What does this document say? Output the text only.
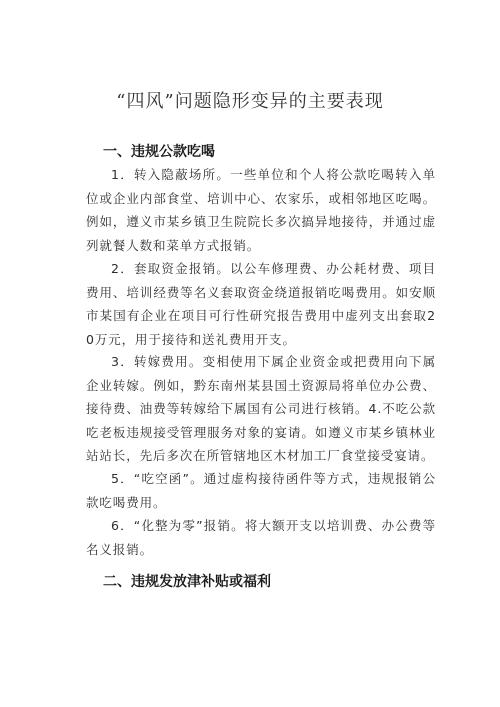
“四风”问题隐形变异的主要表现
一、违规公款吃喝

1．转入隐蔽场所。一些单位和个人将公款吃喝转入单位或企业内部食堂、培训中心、农家乐，或相邻地区吃喝。例如，遵义市某乡镇卫生院院长多次搞异地接待，并通过虚列就餐人数和菜单方式报销。

2．套取资金报销。以公车修理费、办公耗材费、项目费用、培训经费等名义套取资金绕道报销吃喝费用。如安顺市某国有企业在项目可行性研究报告费用中虚列支出套取20万元，用于接待和送礼费用开支。

3．转嫁费用。变相使用下属企业资金或把费用向下属企业转嫁。例如，黔东南州某县国土资源局将单位办公费、接待费、油费等转嫁给下属国有公司进行核销。4.不吃公款吃老板违规接受管理服务对象的宴请。如遵义市某乡镇林业站站长，先后多次在所管辖地区木材加工厂食堂接受宴请。

5．“吃空函”。通过虚构接待函件等方式，违规报销公款吃喝费用。

6．“化整为零”报销。将大额开支以培训费、办公费等名义报销。

二、违规发放津补贴或福利
